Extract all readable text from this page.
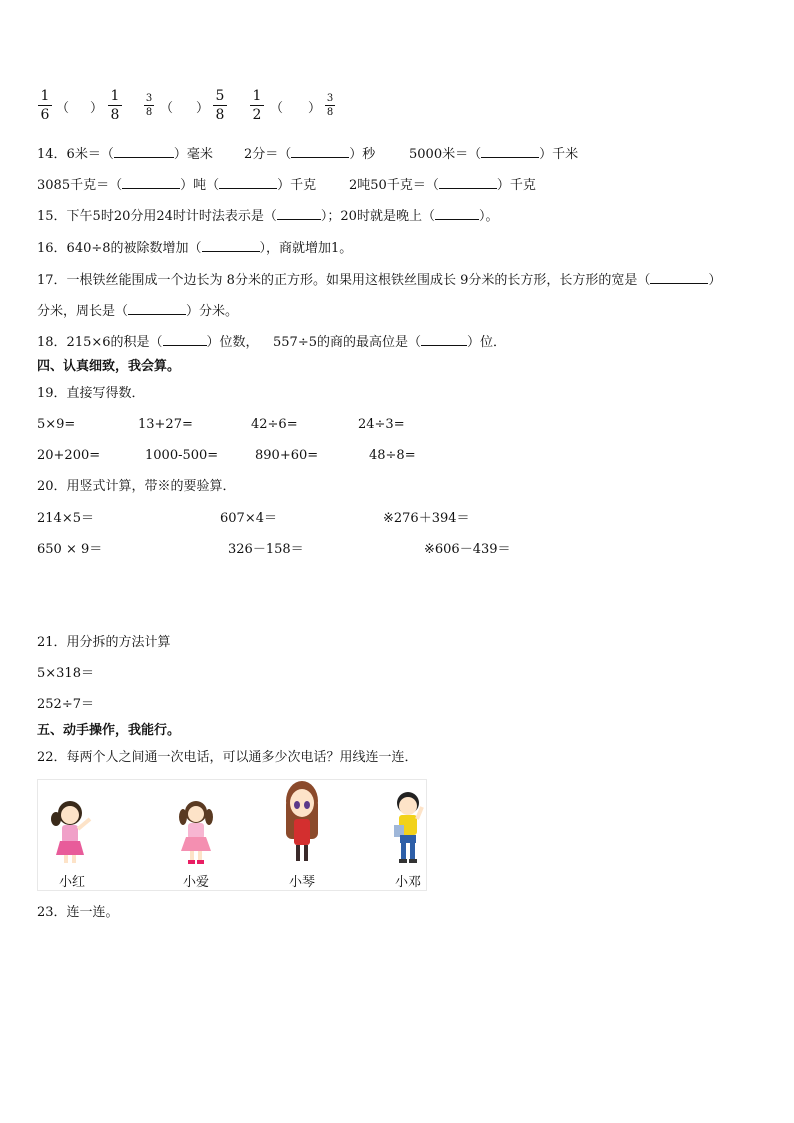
1
6 （ ）
1
8
3
8 （ ）
5
8
1
2 （ ）
3
8
14．6米＝（	）毫米 2分＝（	）秒	5000米＝（	）千米
3085千克＝（	）吨（	）千克	2吨50千克＝（	）千克
15．下午5时20分用24时计时法表示是（	）；20时就是晚上（	）。
16．640÷8的被除数增加（	），商就增加1。
17．一根铁丝能围成一个边长为 8分米的正方形。如果用这根铁丝围成长 9分米的长方形，长方形的宽是（	）
分米，周长是（	）分米。
18．215×6的积是（	）位数， 557÷5的商的最高位是（	）位．
四、认真细致，我会算。
19．直接写得数．
5×9=	13+27=	42÷6=	24÷3=
20+200=	1000-500=	890+60=	48÷8=
20．用竖式计算，带※的要验算．
214×5＝	607×4＝	※276＋394＝
650 × 9＝	326－158＝	※606－439＝
21．用分拆的方法计算
5×318＝
252÷7＝
五、动手操作，我能行。
22．每两个人之间通一次电话，可以通多少次电话？用线连一连．
小红	小爱	小琴	小邓
23．连一连。
